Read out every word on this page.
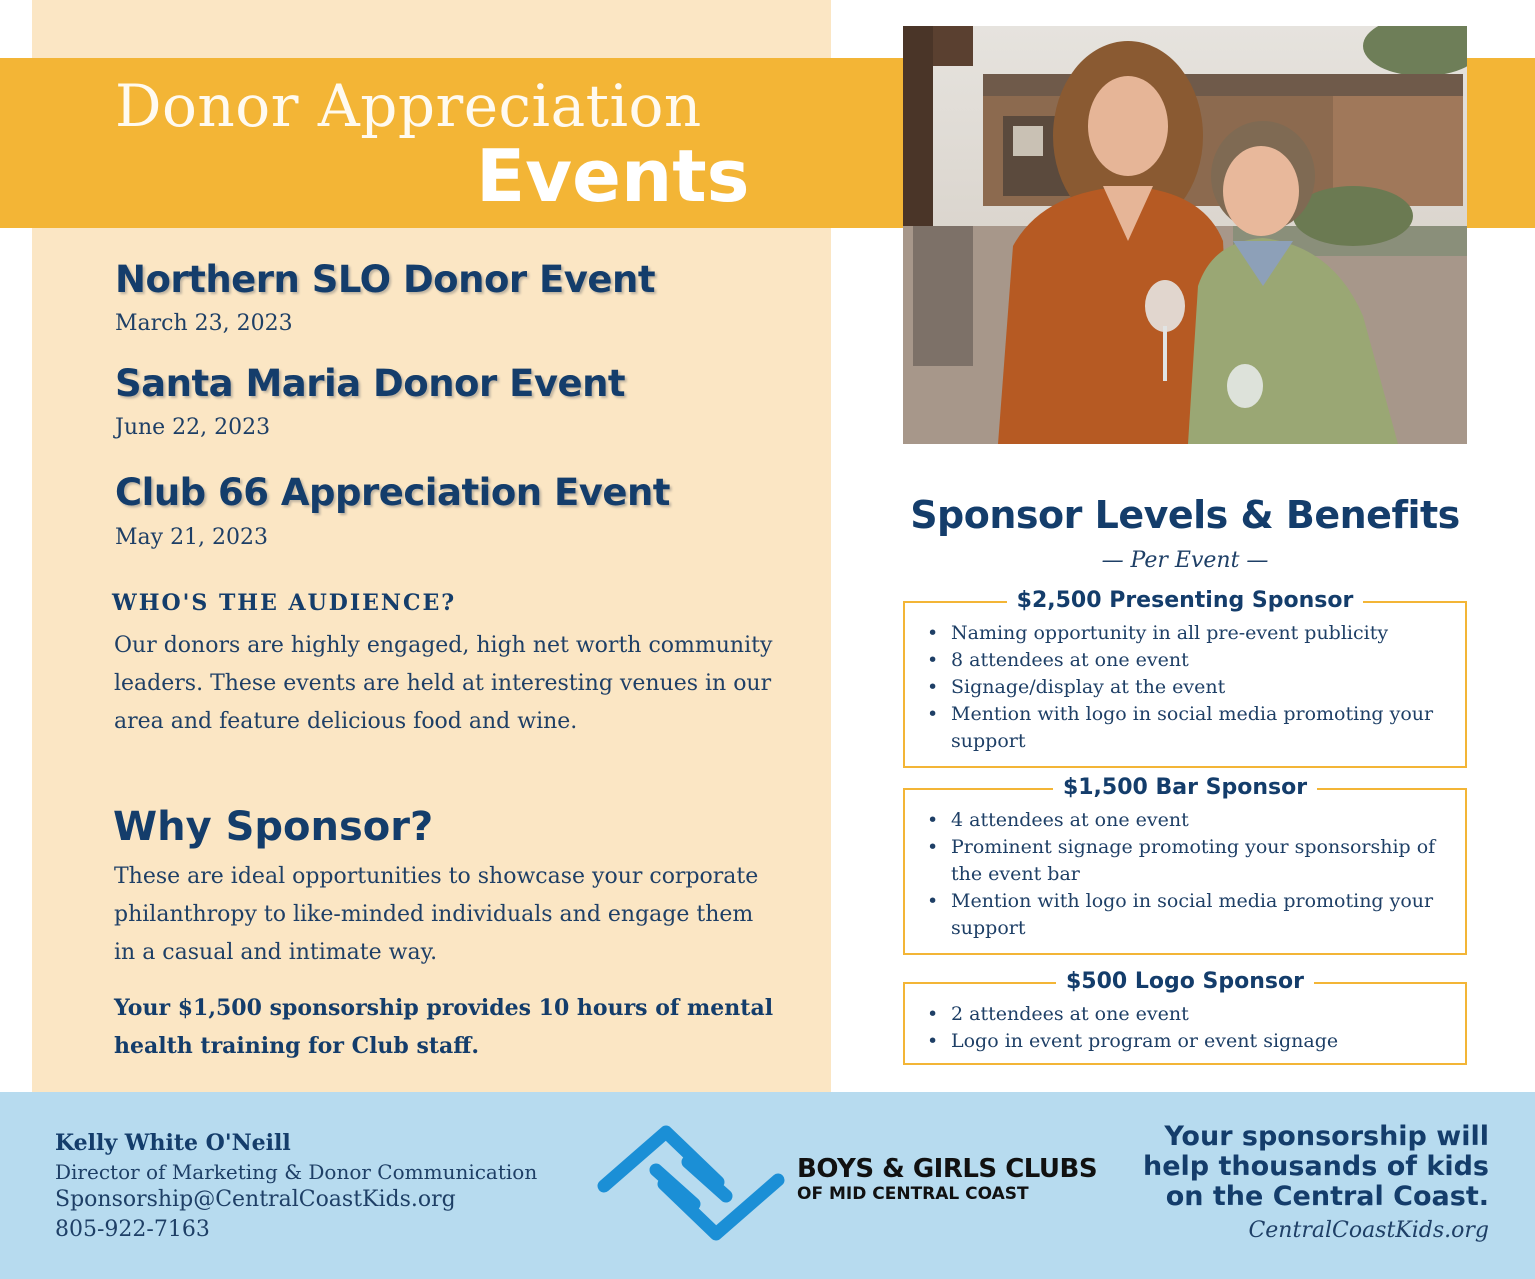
Donor Appreciation
Events
Northern SLO Donor Event
March 23, 2023
Santa Maria Donor Event
June 22, 2023
Club 66 Appreciation Event
May 21, 2023
WHO'S THE AUDIENCE?
Our donors are highly engaged, high net worth community leaders. These events are held at interesting venues in our area and feature delicious food and wine.
Why Sponsor?
These are ideal opportunities to showcase your corporate philanthropy to like-minded individuals and engage them in a casual and intimate way.
Your $1,500 sponsorship provides 10 hours of mental health training for Club staff.
Sponsor Levels & Benefits
— Per Event —
$2,500 Presenting Sponsor
• Naming opportunity in all pre-event publicity
• 8 attendees at one event
• Signage/display at the event
• Mention with logo in social media promoting your support
$1,500 Bar Sponsor
• 4 attendees at one event
• Prominent signage promoting your sponsorship of the event bar
• Mention with logo in social media promoting your support
$500 Logo Sponsor
• 2 attendees at one event
• Logo in event program or event signage
Kelly White O'Neill
Director of Marketing & Donor Communication
Sponsorship@CentralCoastKids.org
805-922-7163
BOYS & GIRLS CLUBS
OF MID CENTRAL COAST
Your sponsorship will
help thousands of kids
on the Central Coast.
CentralCoastKids.org
